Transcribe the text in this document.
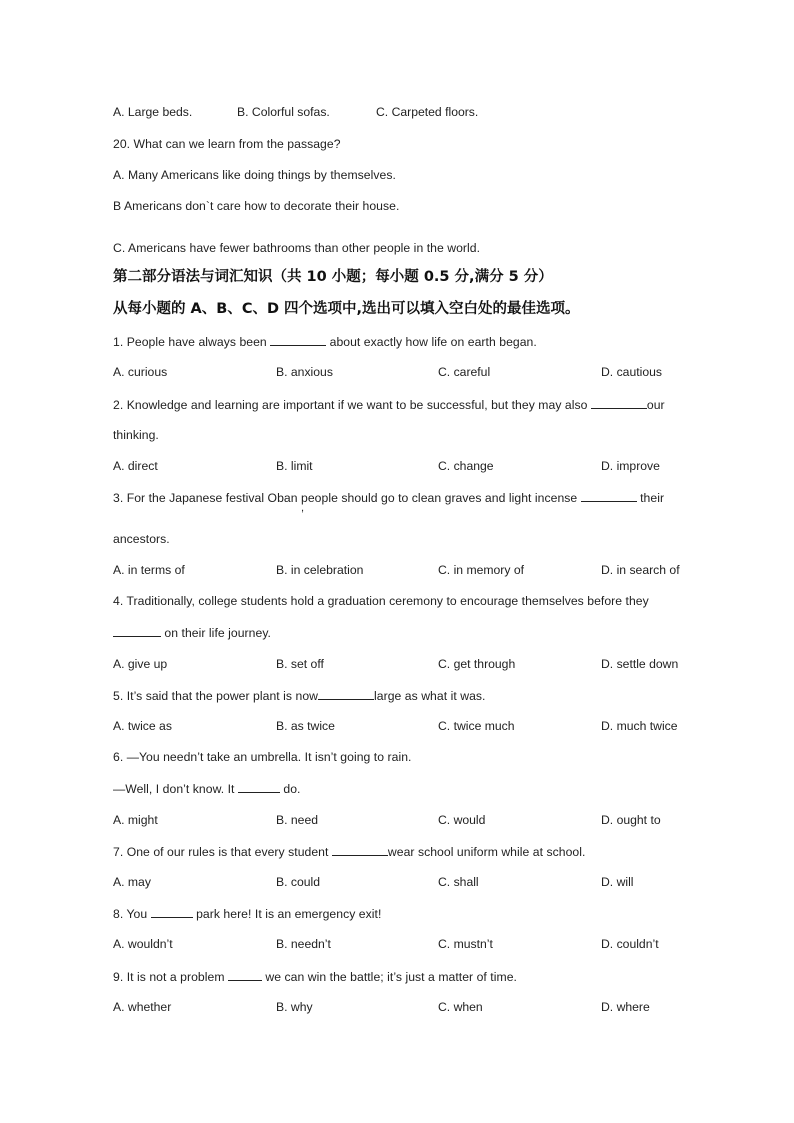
A. Large beds.	B. Colorful sofas.	C. Carpeted floors.
20. What can we learn from the passage?
A. Many Americans like doing things by themselves.
B Americans don`t care how to decorate their house.
C. Americans have fewer bathrooms than other people in the world.
第二部分语法与词汇知识（共 10 小题；每小题 0.5 分,满分 5 分）
从每小题的 A、B、C、D 四个选项中,选出可以填入空白处的最佳选项。
1. People have always been	about exactly how life on earth began.
A. curious	B. anxious	C. careful	D. cautious
2. Knowledge and learning are important if we want to be successful, but they may also	our
thinking.
A. direct	B. limit	C. change	D. improve
3. For the Japanese festival Oban people should go to clean graves and light incense	their
,
ancestors.
A. in terms of	B. in celebration	C. in memory of	D. in search of
4. Traditionally, college students hold a graduation ceremony to encourage themselves before they
on their life journey.
A. give up	B. set off	C. get through	D. settle down
5. It’s said that the power plant is now	large as what it was.
A. twice as	B. as twice	C. twice much	D. much twice
6. —You needn’t take an umbrella. It isn’t going to rain.
—Well, I don’t know. It	do.
A. might	B. need	C. would	D. ought to
7. One of our rules is that every student	wear school uniform while at school.
A. may	B. could	C. shall	D. will
8. You	park here! It is an emergency exit!
A. wouldn’t	B. needn’t	C. mustn’t	D. couldn’t
9. It is not a problem	we can win the battle; it’s just a matter of time.
A. whether	B. why	C. when	D. where
